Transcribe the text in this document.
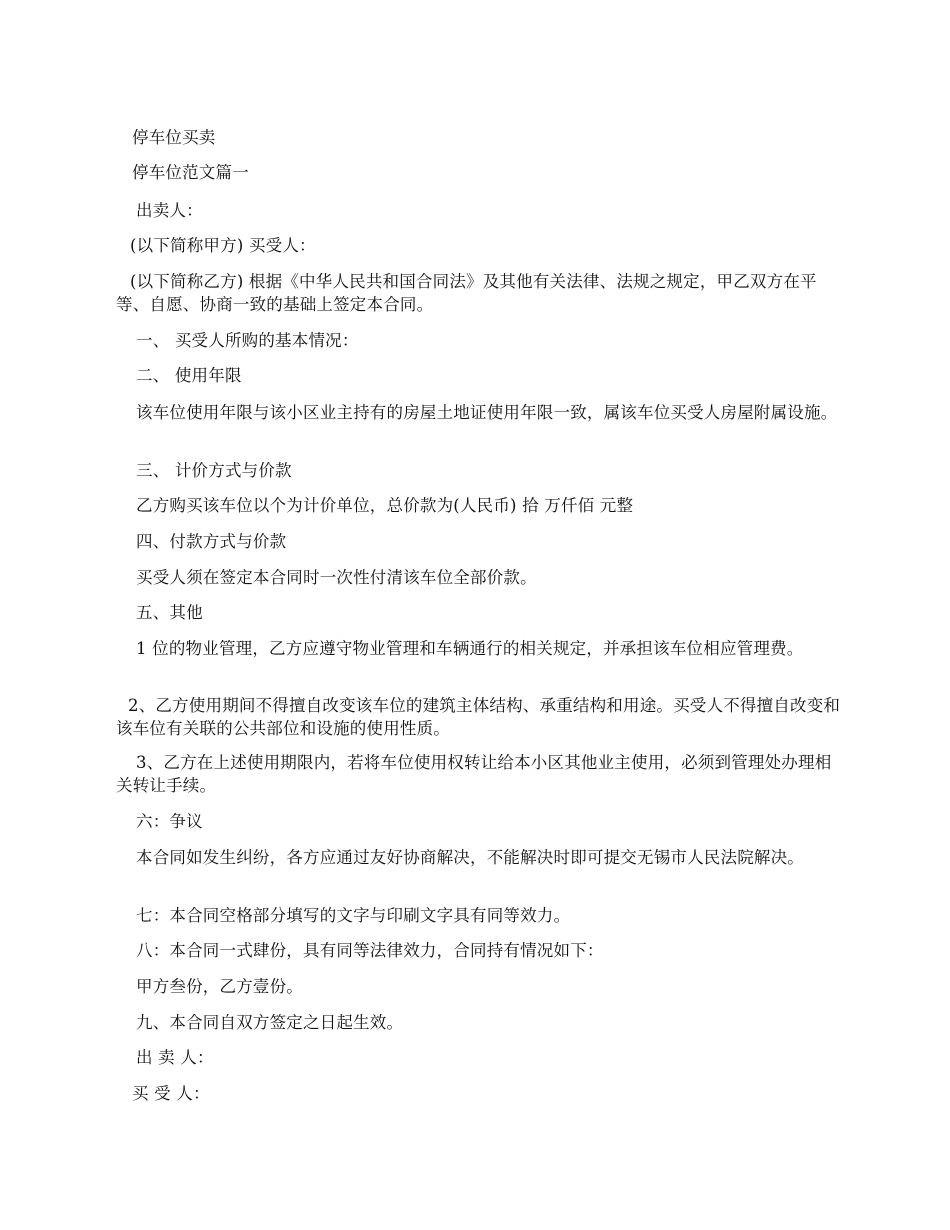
停车位买卖
停车位范文篇一
出卖人：
(以下简称甲方) 买受人：
(以下简称乙方) 根据《中华人民共和国合同法》及其他有关法律、法规之规定，甲乙双方在平等、自愿、协商一致的基础上签定本合同。
一、 买受人所购的基本情况：
二、 使用年限
该车位使用年限与该小区业主持有的房屋土地证使用年限一致，属该车位买受人房屋附属设施。
三、 计价方式与价款
乙方购买该车位以个为计价单位，总价款为(人民币) 拾 万仟佰 元整
四、付款方式与价款
买受人须在签定本合同时一次性付清该车位全部价款。
五、其他
1 位的物业管理，乙方应遵守物业管理和车辆通行的相关规定，并承担该车位相应管理费。
2、乙方使用期间不得擅自改变该车位的建筑主体结构、承重结构和用途。买受人不得擅自改变和该车位有关联的公共部位和设施的使用性质。
3、乙方在上述使用期限内，若将车位使用权转让给本小区其他业主使用，必须到管理处办理相关转让手续。
六：争议
本合同如发生纠纷，各方应通过友好协商解决，不能解决时即可提交无锡市人民法院解决。
七：本合同空格部分填写的文字与印刷文字具有同等效力。
八：本合同一式肆份，具有同等法律效力，合同持有情况如下：
甲方叁份，乙方壹份。
九、本合同自双方签定之日起生效。
出 卖 人：
买 受 人：
